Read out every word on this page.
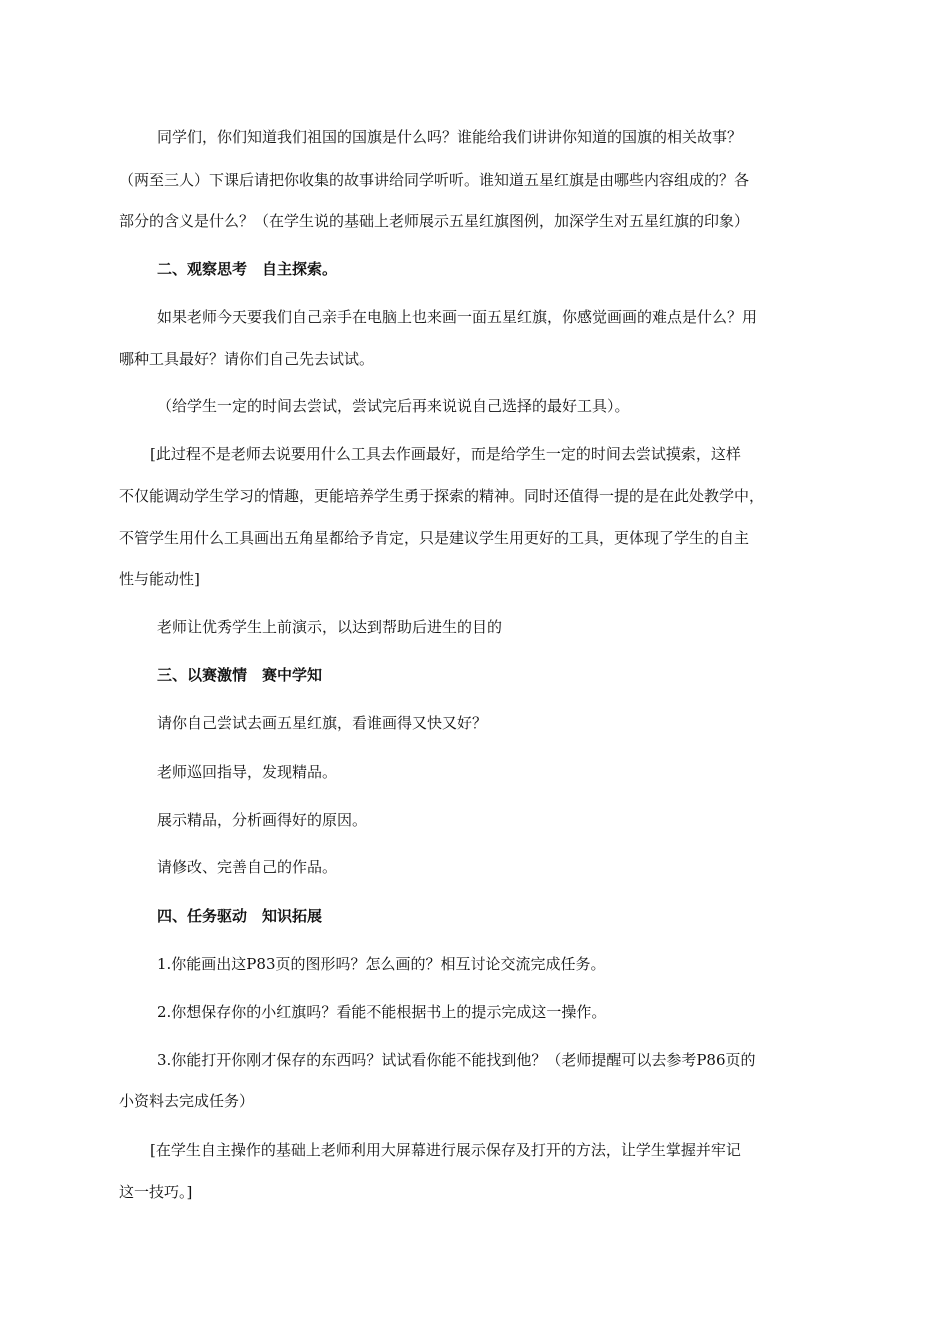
同学们，你们知道我们祖国的国旗是什么吗？谁能给我们讲讲你知道的国旗的相关故事？
（两至三人）下课后请把你收集的故事讲给同学听听。谁知道五星红旗是由哪些内容组成的？各
部分的含义是什么？（在学生说的基础上老师展示五星红旗图例，加深学生对五星红旗的印象）
二、观察思考　自主探索。
如果老师今天要我们自己亲手在电脑上也来画一面五星红旗，你感觉画画的难点是什么？用
哪种工具最好？请你们自己先去试试。
（给学生一定的时间去尝试，尝试完后再来说说自己选择的最好工具）。
[此过程不是老师去说要用什么工具去作画最好，而是给学生一定的时间去尝试摸索，这样
不仅能调动学生学习的情趣，更能培养学生勇于探索的精神。同时还值得一提的是在此处教学中，
不管学生用什么工具画出五角星都给予肯定，只是建议学生用更好的工具，更体现了学生的自主
性与能动性]
老师让优秀学生上前演示，以达到帮助后进生的目的
三、以赛激情　赛中学知
请你自己尝试去画五星红旗，看谁画得又快又好？
老师巡回指导，发现精品。
展示精品，分析画得好的原因。
请修改、完善自己的作品。
四、任务驱动　知识拓展
1.你能画出这P83页的图形吗？怎么画的？相互讨论交流完成任务。
2.你想保存你的小红旗吗？看能不能根据书上的提示完成这一操作。
3.你能打开你刚才保存的东西吗？试试看你能不能找到他？（老师提醒可以去参考P86页的
小资料去完成任务）
[在学生自主操作的基础上老师利用大屏幕进行展示保存及打开的方法，让学生掌握并牢记
这一技巧。]
